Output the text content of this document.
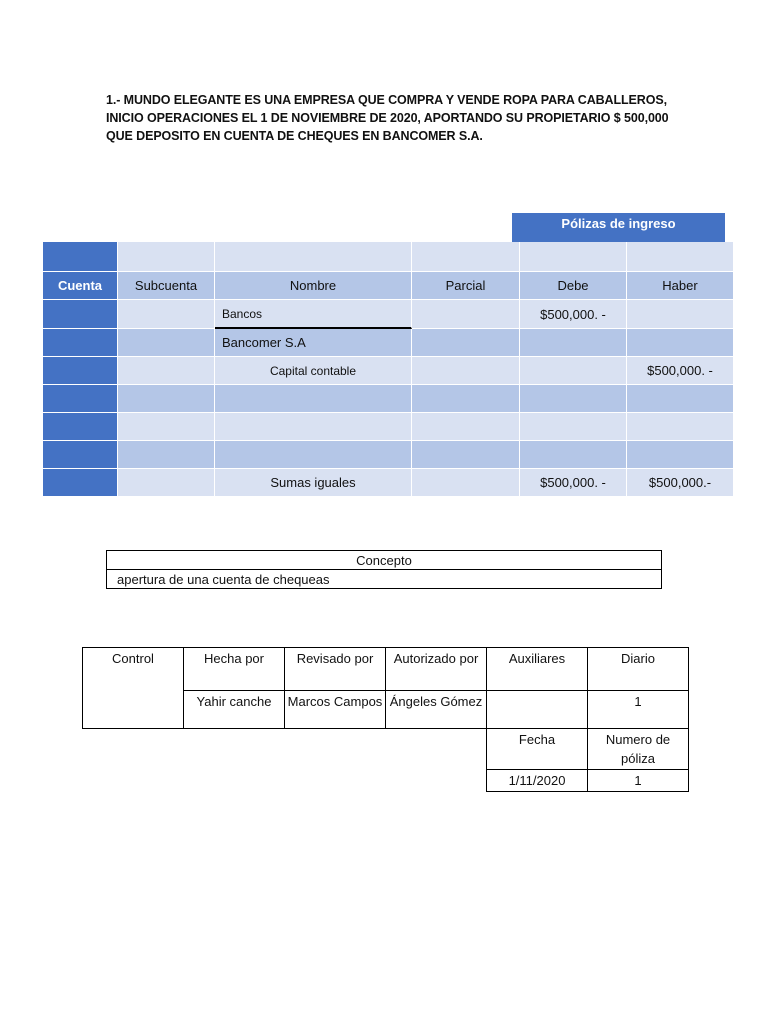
1.- MUNDO ELEGANTE ES UNA EMPRESA QUE COMPRA Y VENDE ROPA PARA CABALLEROS, INICIO OPERACIONES EL 1 DE NOVIEMBRE DE 2020, APORTANDO SU PROPIETARIO $ 500,000 QUE DEPOSITO EN CUENTA DE CHEQUES EN BANCOMER S.A.
Pólizas de ingreso

Cuenta	Subcuenta	Nombre	Parcial	Debe	Haber
		Bancos		$500,000. -	
		Bancomer S.A			
		Capital contable			$500,000. -

		Sumas iguales		$500,000. -	$500,000.-
Concepto
apertura de una cuenta de chequeas
Control	Hecha por	Revisado por	Autorizado por	Auxiliares	Diario
	Yahir canche	Marcos Campos	Ángeles Gómez		1
				Fecha	Numero de póliza
				1/11/2020	1
